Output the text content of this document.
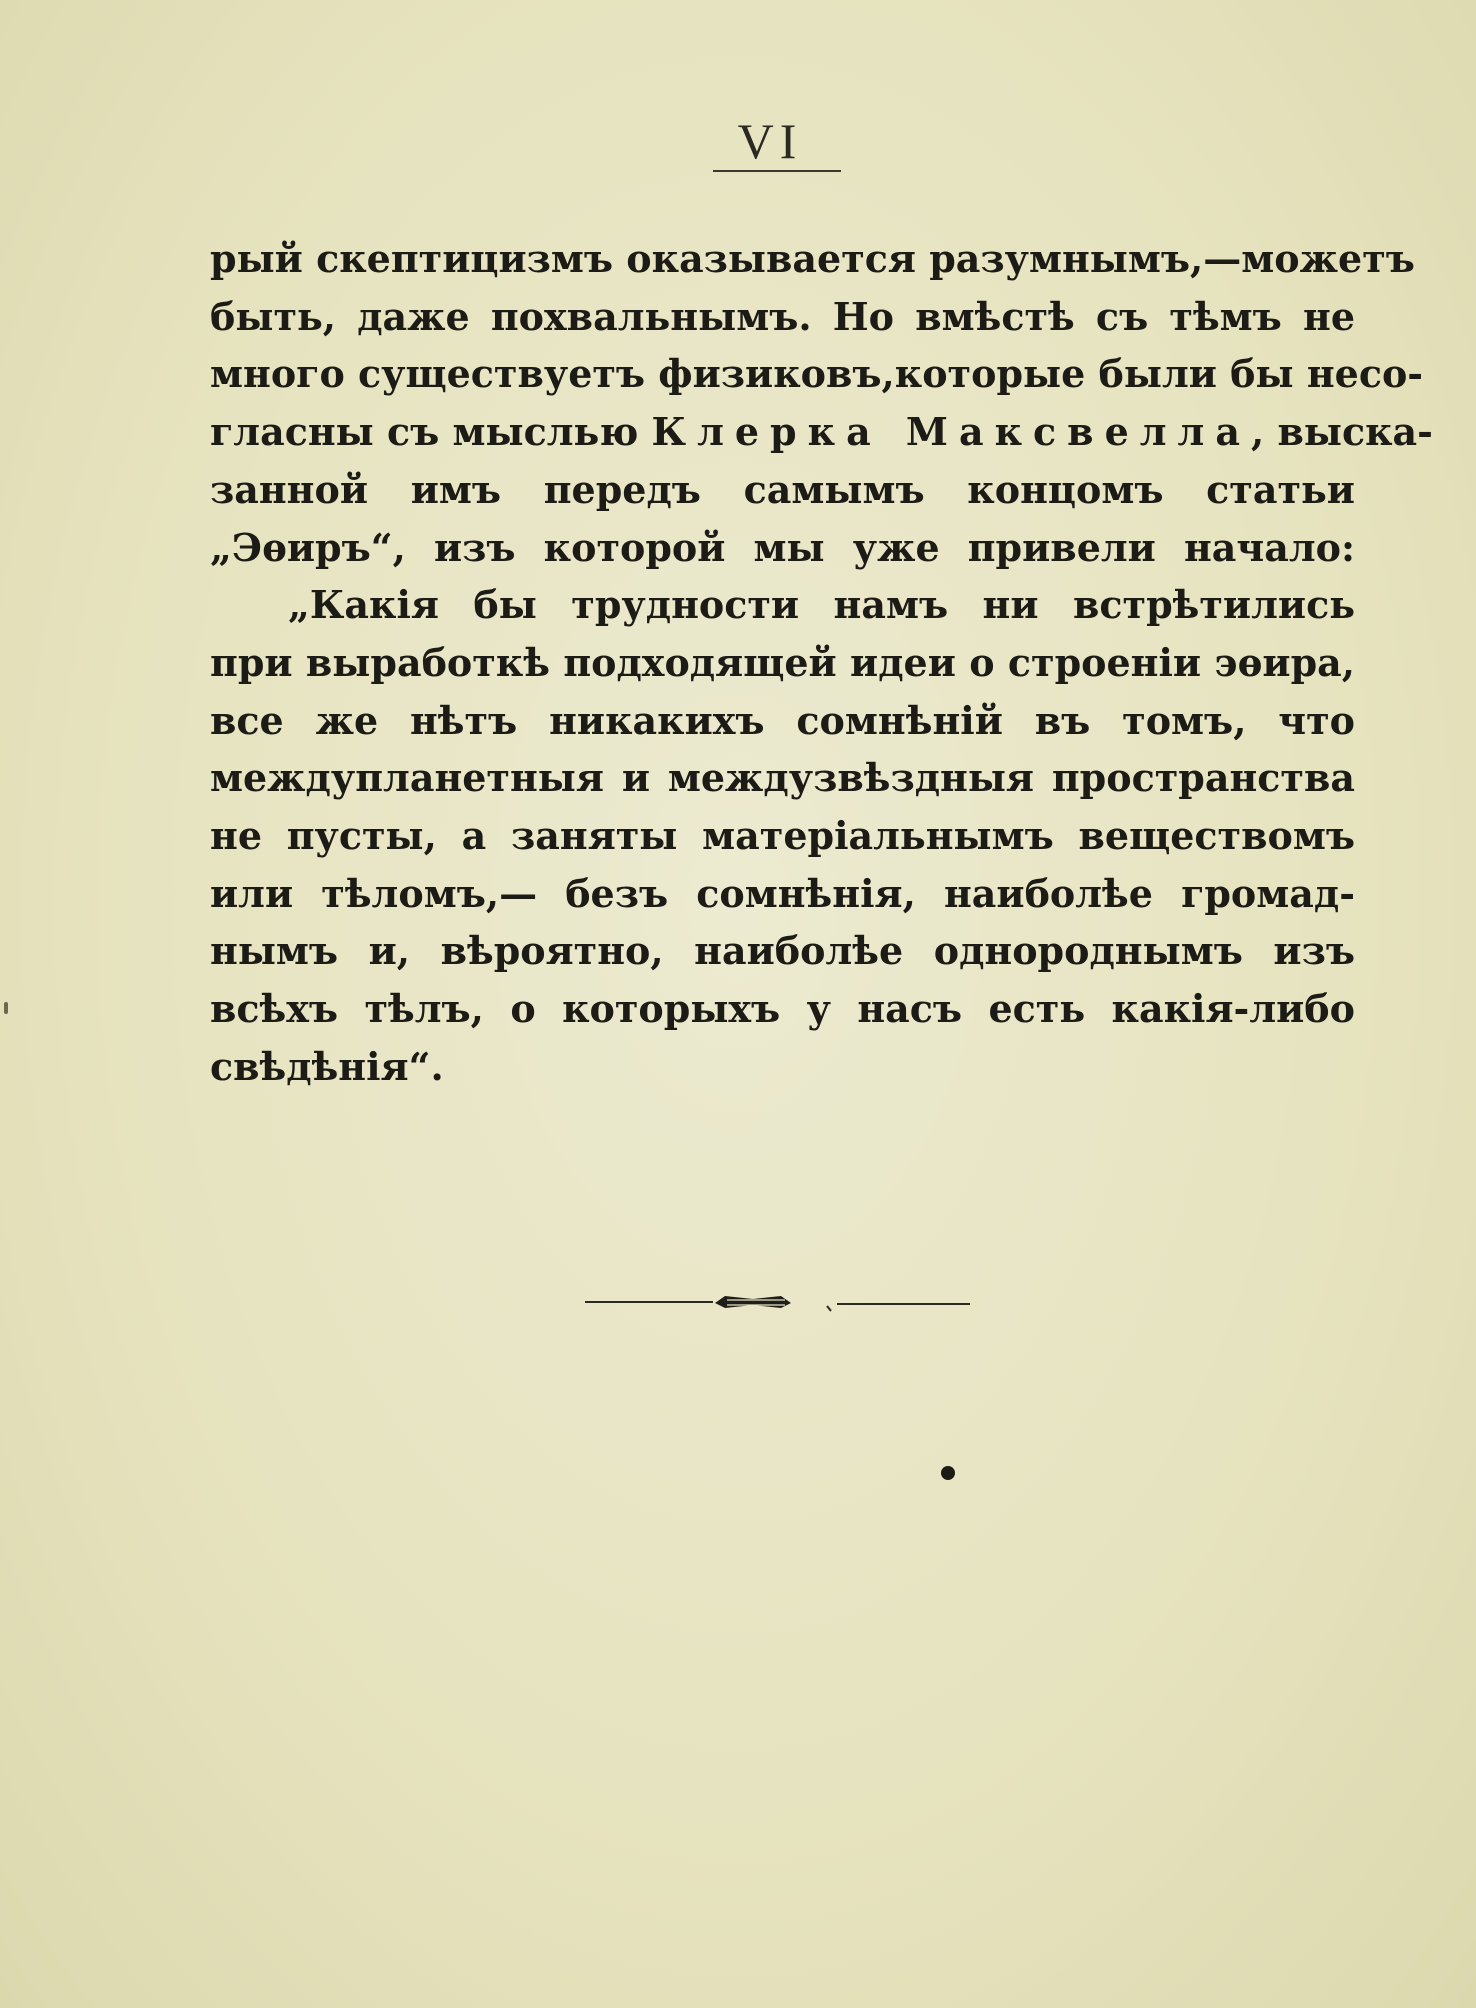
VI
рый скептицизмъ оказывается разумнымъ,—можетъ
быть, даже похвальнымъ. Но вмѣстѣ съ тѣмъ не
много существуетъ физиковъ,которые были бы несо-
гласны съ мыслью Клерка Максвелла, выска-
занной имъ передъ самымъ концомъ статьи
„Эѳиръ“, изъ которой мы уже привели начало:
„Какія бы трудности намъ ни встрѣтились
при выработкѣ подходящей идеи о строеніи эѳира,
все же нѣтъ никакихъ сомнѣній въ томъ, что
междупланетныя и междузвѣздныя пространства
не пусты, а заняты матеріальнымъ веществомъ
или тѣломъ,— безъ сомнѣнія, наиболѣе громад-
нымъ и, вѣроятно, наиболѣе однороднымъ изъ
всѣхъ тѣлъ, о которыхъ у насъ есть какія-либо
свѣдѣнія“.
